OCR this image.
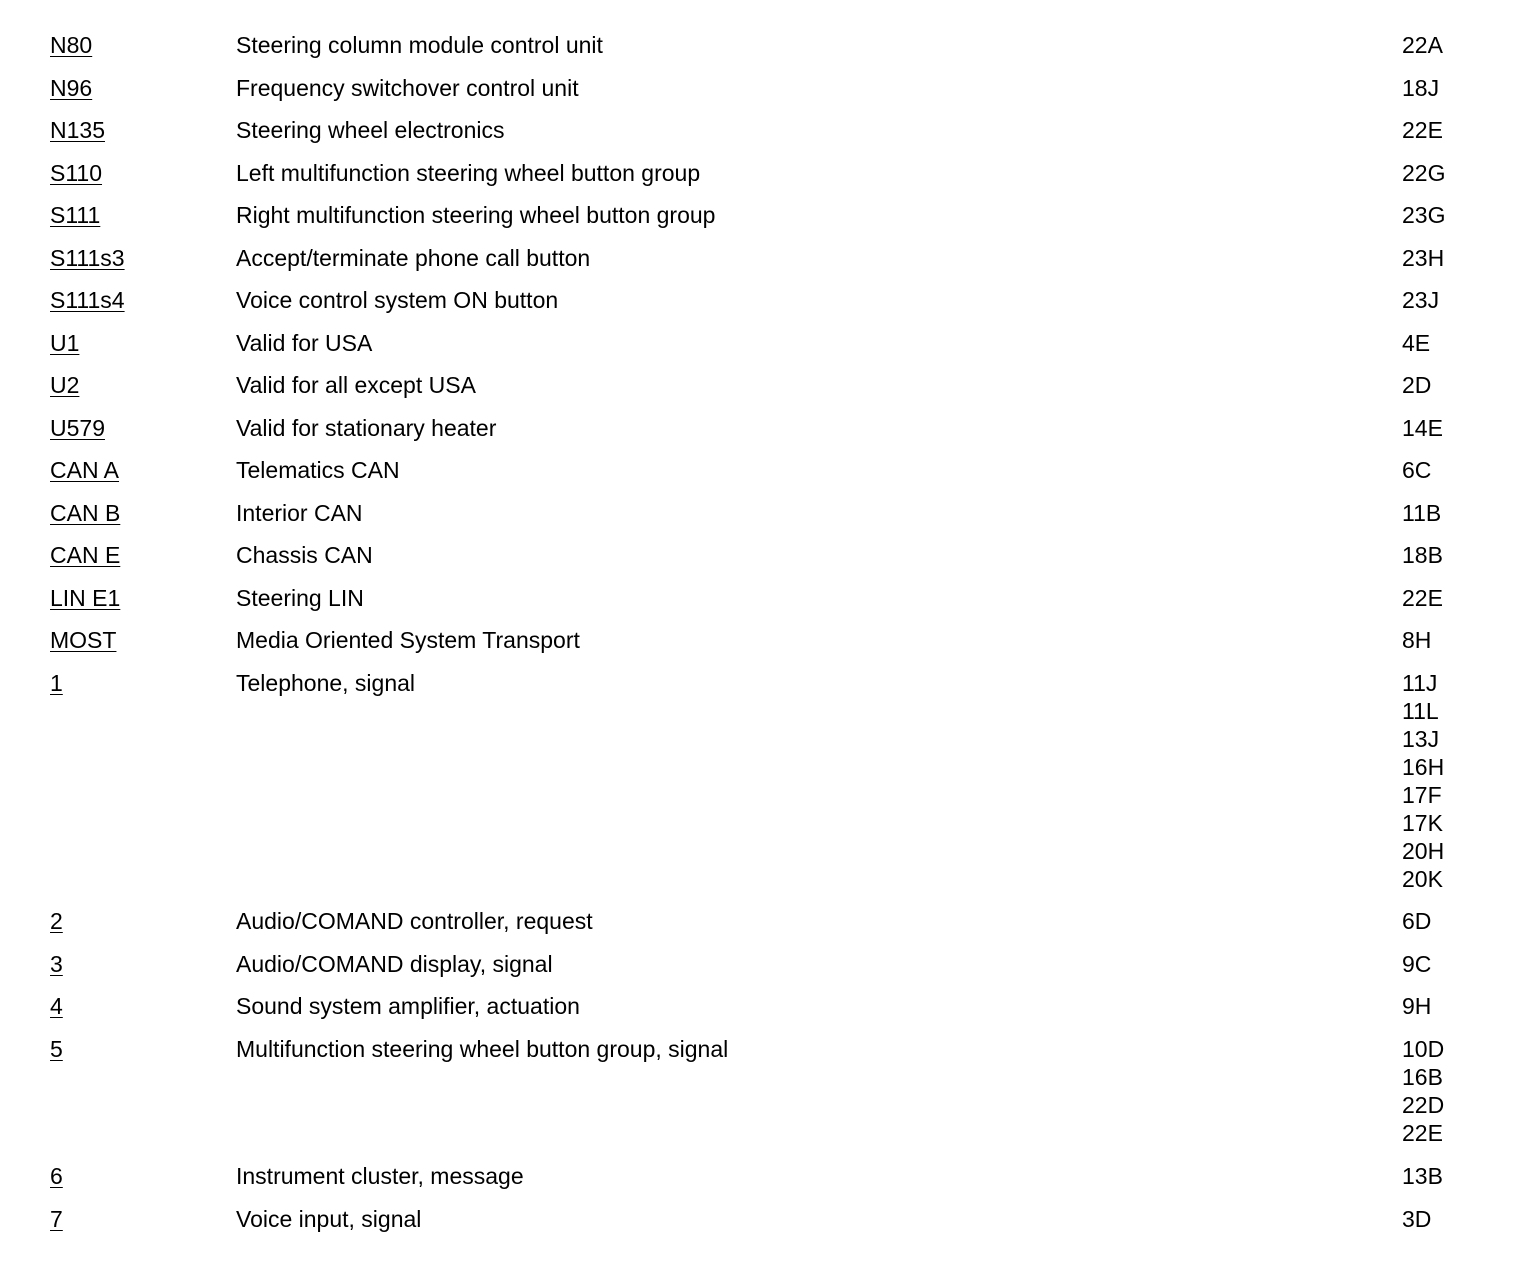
N80	Steering column module control unit	22A
N96	Frequency switchover control unit	18J
N135	Steering wheel electronics	22E
S110	Left multifunction steering wheel button group	22G
S111	Right multifunction steering wheel button group	23G
S111s3	Accept/terminate phone call button	23H
S111s4	Voice control system ON button	23J
U1	Valid for USA	4E
U2	Valid for all except USA	2D
U579	Valid for stationary heater	14E
CAN A	Telematics CAN	6C
CAN B	Interior CAN	11B
CAN E	Chassis CAN	18B
LIN E1	Steering LIN	22E
MOST	Media Oriented System Transport	8H
1	Telephone, signal	11J
11L
13J
16H
17F
17K
20H
20K
2	Audio/COMAND controller, request	6D
3	Audio/COMAND display, signal	9C
4	Sound system amplifier, actuation	9H
5	Multifunction steering wheel button group, signal	10D
16B
22D
22E
6	Instrument cluster, message	13B
7	Voice input, signal	3D
